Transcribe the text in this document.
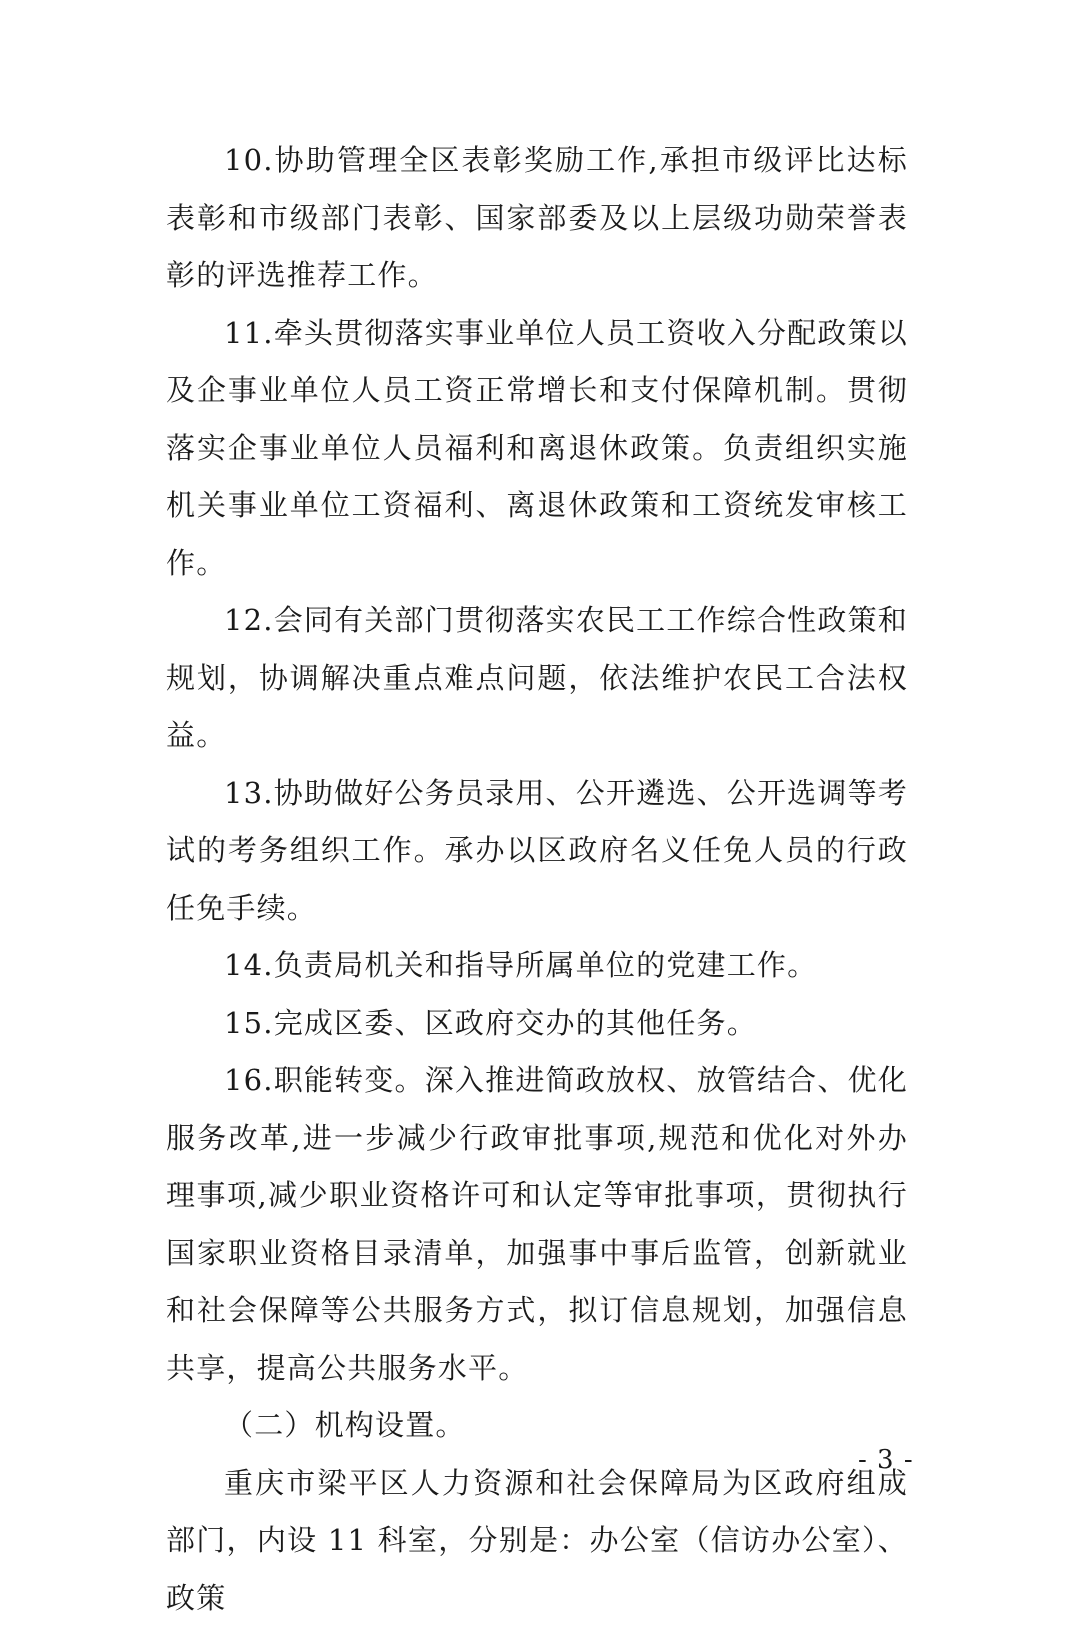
10.协助管理全区表彰奖励工作,承担市级评比达标表彰和市级部门表彰、国家部委及以上层级功勋荣誉表彰的评选推荐工作。

11.牵头贯彻落实事业单位人员工资收入分配政策以及企事业单位人员工资正常增长和支付保障机制。贯彻落实企事业单位人员福利和离退休政策。负责组织实施机关事业单位工资福利、离退休政策和工资统发审核工作。

12.会同有关部门贯彻落实农民工工作综合性政策和规划，协调解决重点难点问题，依法维护农民工合法权益。

13.协助做好公务员录用、公开遴选、公开选调等考试的考务组织工作。承办以区政府名义任免人员的行政任免手续。

14.负责局机关和指导所属单位的党建工作。

15.完成区委、区政府交办的其他任务。

16.职能转变。深入推进简政放权、放管结合、优化服务改革,进一步减少行政审批事项,规范和优化对外办理事项,减少职业资格许可和认定等审批事项，贯彻执行国家职业资格目录清单，加强事中事后监管，创新就业和社会保障等公共服务方式，拟订信息规划，加强信息共享，提高公共服务水平。

（二）机构设置。

重庆市梁平区人力资源和社会保障局为区政府组成部门，内设 11 科室，分别是：办公室（信访办公室）、政策

- 3 -
